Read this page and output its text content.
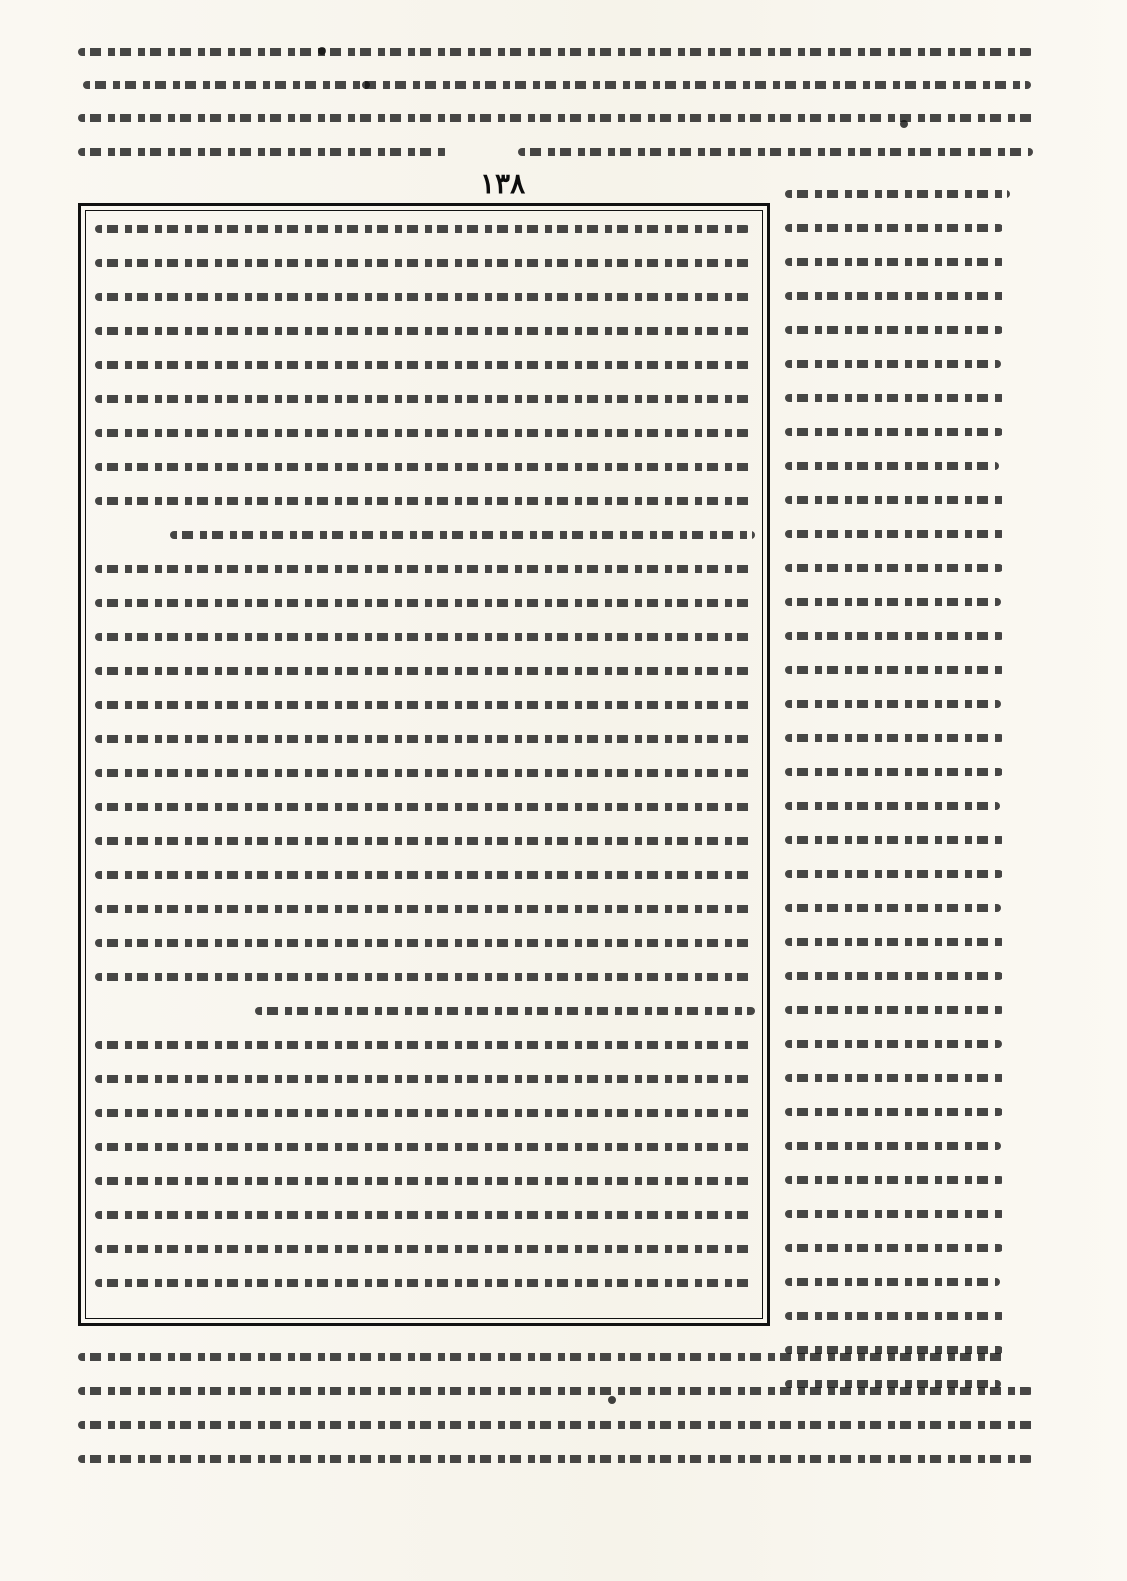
١٣٨
